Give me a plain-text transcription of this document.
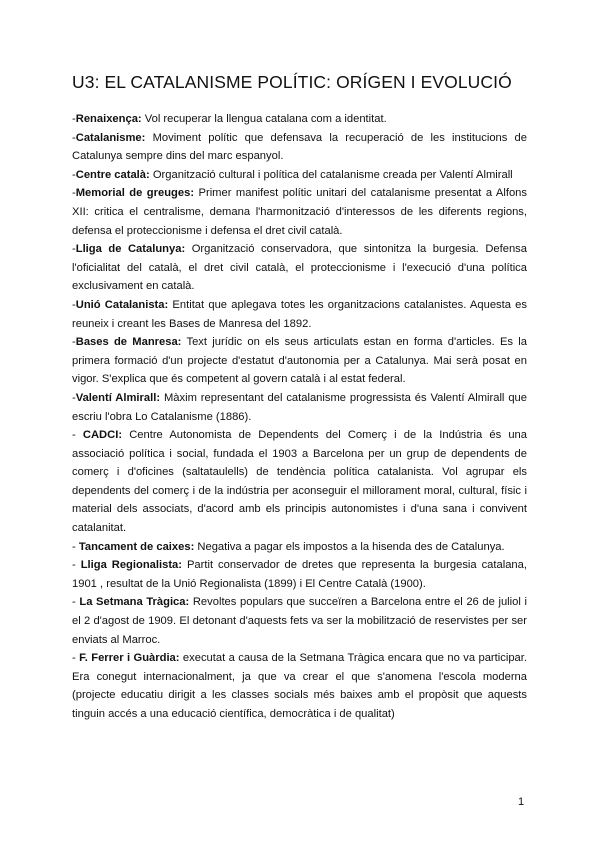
U3: EL CATALANISME POLÍTIC: ORÍGEN I EVOLUCIÓ

-Renaixença: Vol recuperar la llengua catalana com a identitat.

-Catalanisme: Moviment polític que defensava la recuperació de les institucions de Catalunya sempre dins del marc espanyol.

-Centre català: Organització cultural i política del catalanisme creada per Valentí Almirall

-Memorial de greuges: Primer manifest polític unitari del catalanisme presentat a Alfons XII: critica el centralisme, demana l'harmonització d'interessos de les diferents regions, defensa el proteccionisme i defensa el dret civil català.

-Lliga de Catalunya: Organització conservadora, que sintonitza la burgesia. Defensa l'oficialitat del català, el dret civil català, el proteccionisme i l'execució d'una política exclusivament en català.

-Unió Catalanista: Entitat que aplegava totes les organitzacions catalanistes. Aquesta es reuneix i creant les Bases de Manresa del 1892.

-Bases de Manresa: Text jurídic on els seus articulats estan en forma d'articles. Es la primera formació d'un projecte d'estatut d'autonomia per a Catalunya. Mai serà posat en vigor. S'explica que és competent al govern català i al estat federal.

-Valentí Almirall: Màxim representant del catalanisme progressista és Valentí Almirall que escriu l'obra Lo Catalanisme (1886).

- CADCI: Centre Autonomista de Dependents del Comerç i de la Indústria és una associació política i social, fundada el 1903 a Barcelona per un grup de dependents de comerç i d'oficines (saltataulells) de tendència política catalanista. Vol agrupar els dependents del comerç i de la indústria per aconseguir el millorament moral, cultural, físic i material dels associats, d'acord amb els principis autonomistes i d'una sana i convivent catalanitat.

- Tancament de caixes: Negativa a pagar els impostos a la hisenda des de Catalunya.

- Lliga Regionalista: Partit conservador de dretes que representa la burgesia catalana, 1901 , resultat de la Unió Regionalista (1899) i El Centre Català (1900).

- La Setmana Tràgica: Revoltes populars que succeïren a Barcelona entre el 26 de juliol i el 2 d'agost de 1909. El detonant d'aquests fets va ser la mobilització de reservistes per ser enviats al Marroc.

- F. Ferrer i Guàrdia: executat a causa de la Setmana Tràgica encara que no va participar. Era conegut internacionalment, ja que va crear el que s'anomena l'escola moderna (projecte educatiu dirigit a les classes socials més baixes amb el propòsit que aquests tinguin accés a una educació científica, democràtica i de qualitat)

1
